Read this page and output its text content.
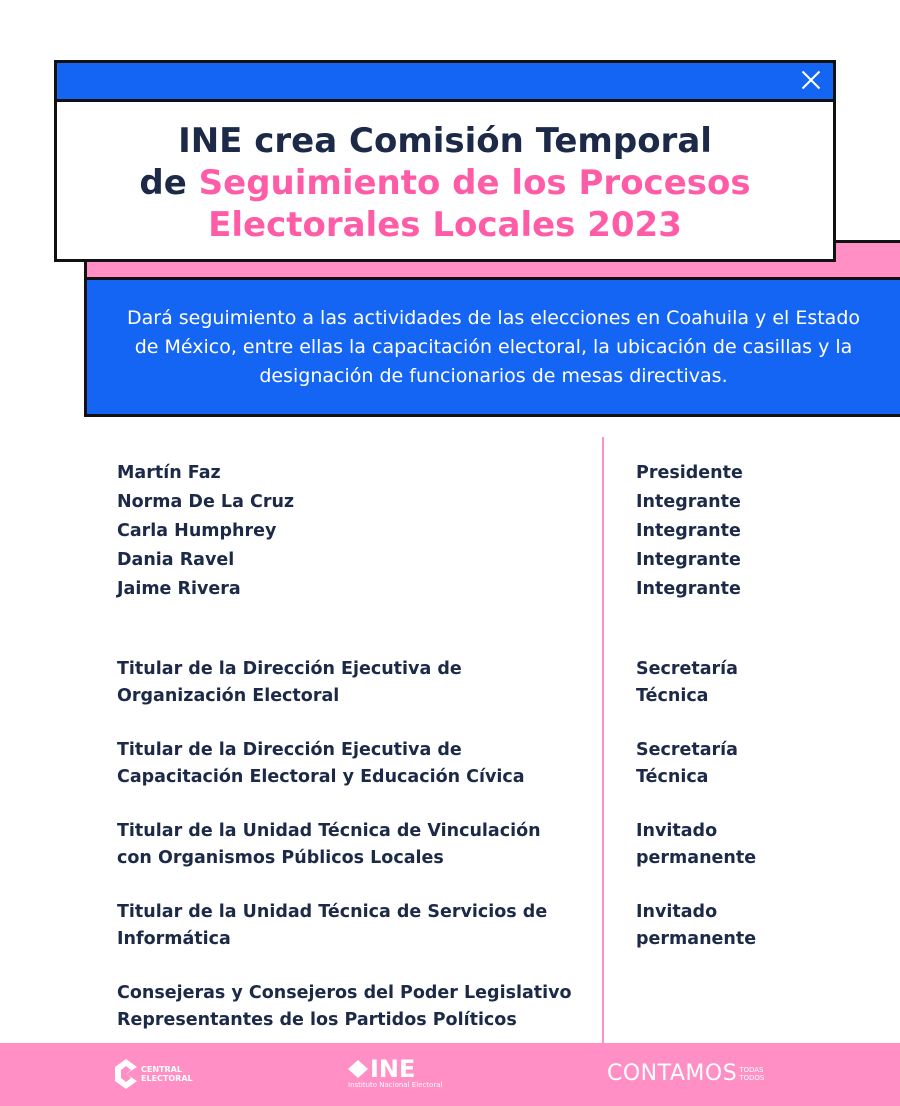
INE crea Comisión Temporal
de Seguimiento de los Procesos
Electorales Locales 2023

Dará seguimiento a las actividades de las elecciones en Coahuila y el Estado de México, entre ellas la capacitación electoral, la ubicación de casillas y la designación de funcionarios de mesas directivas.

Martín Faz
Norma De La Cruz
Carla Humphrey
Dania Ravel
Jaime Rivera
Titular de la Dirección Ejecutiva de
Organización Electoral
Titular de la Dirección Ejecutiva de
Capacitación Electoral y Educación Cívica
Titular de la Unidad Técnica de Vinculación
con Organismos Públicos Locales
Titular de la Unidad Técnica de Servicios de
Informática
Consejeras y Consejeros del Poder Legislativo
Representantes de los Partidos Políticos
Presidente
Integrante
Integrante
Integrante
Integrante
Secretaría
Técnica
Secretaría
Técnica
Invitado
permanente
Invitado
permanente
CENTRAL
ELECTORAL	INE
Instituto Nacional Electoral	CONTAMOS TODAS
TODOS
